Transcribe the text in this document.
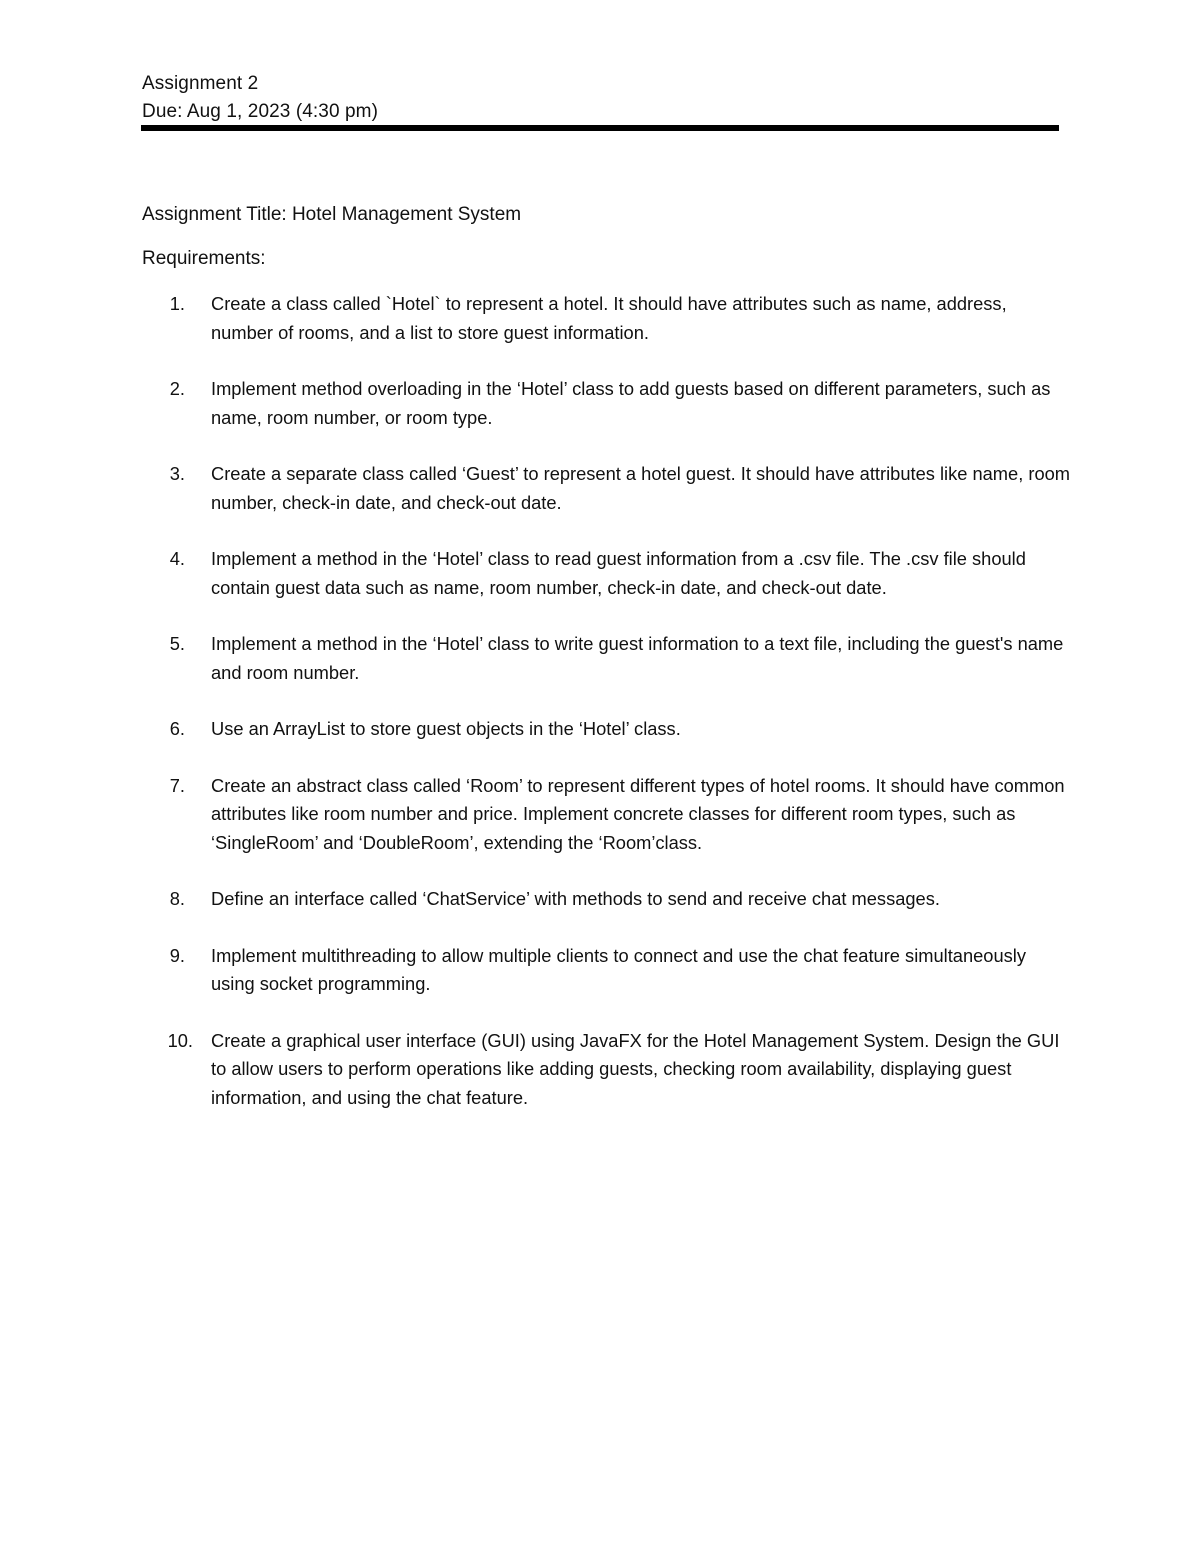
Assignment 2
Due: Aug 1, 2023 (4:30 pm)
Assignment Title: Hotel Management System
Requirements:
1.	Create a class called `Hotel` to represent a hotel. It should have attributes such as name, address, number of rooms, and a list to store guest information.
2.	Implement method overloading in the ‘Hotel’ class to add guests based on different parameters, such as name, room number, or room type.
3.	Create a separate class called ‘Guest’ to represent a hotel guest. It should have attributes like name, room number, check-in date, and check-out date.
4.	Implement a method in the ‘Hotel’ class to read guest information from a .csv file. The .csv file should contain guest data such as name, room number, check-in date, and check-out date.
5.	Implement a method in the ‘Hotel’ class to write guest information to a text file, including the guest's name and room number.
6.	Use an ArrayList to store guest objects in the ‘Hotel’ class.
7.	Create an abstract class called ‘Room’ to represent different types of hotel rooms. It should have common attributes like room number and price. Implement concrete classes for different room types, such as ‘SingleRoom’ and ‘DoubleRoom’, extending the ‘Room’class.
8.	Define an interface called ‘ChatService’ with methods to send and receive chat messages.
9.	Implement multithreading to allow multiple clients to connect and use the chat feature simultaneously using socket programming.
10. Create a graphical user interface (GUI) using JavaFX for the Hotel Management System. Design the GUI to allow users to perform operations like adding guests, checking room availability, displaying guest information, and using the chat feature.
